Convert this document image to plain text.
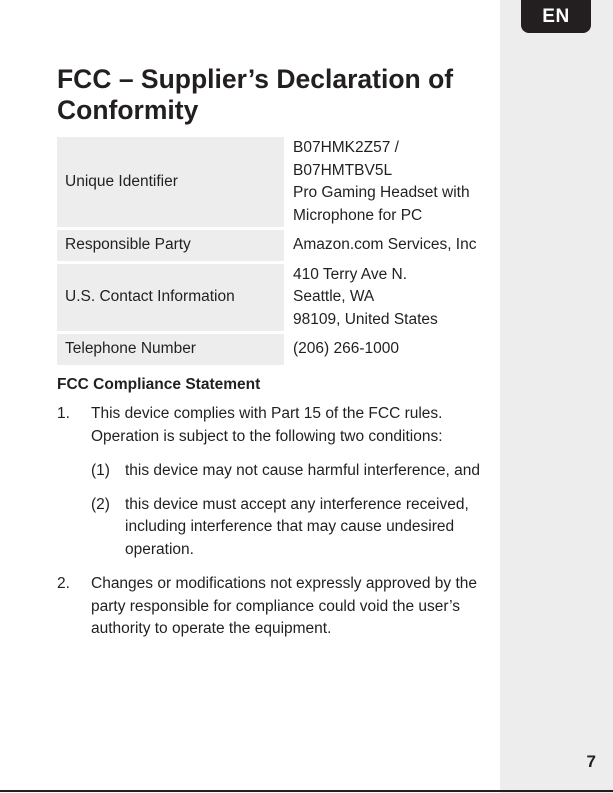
EN
FCC – Supplier’s Declaration of Conformity
Unique Identifier	B07HMK2Z57 /
B07HMTBV5L
Pro Gaming Headset with
Microphone for PC

Responsible Party	Amazon.com Services, Inc

U.S. Contact Information	410 Terry Ave N.
Seattle, WA
98109, United States

Telephone Number	(206) 266-1000
FCC Compliance Statement
1. This device complies with Part 15 of the FCC rules. Operation is subject to the following two conditions:
(1) this device may not cause harmful interference, and
(2) this device must accept any interference received, including interference that may cause undesired operation.
2. Changes or modifications not expressly approved by the party responsible for compliance could void the user’s authority to operate the equipment.
7
